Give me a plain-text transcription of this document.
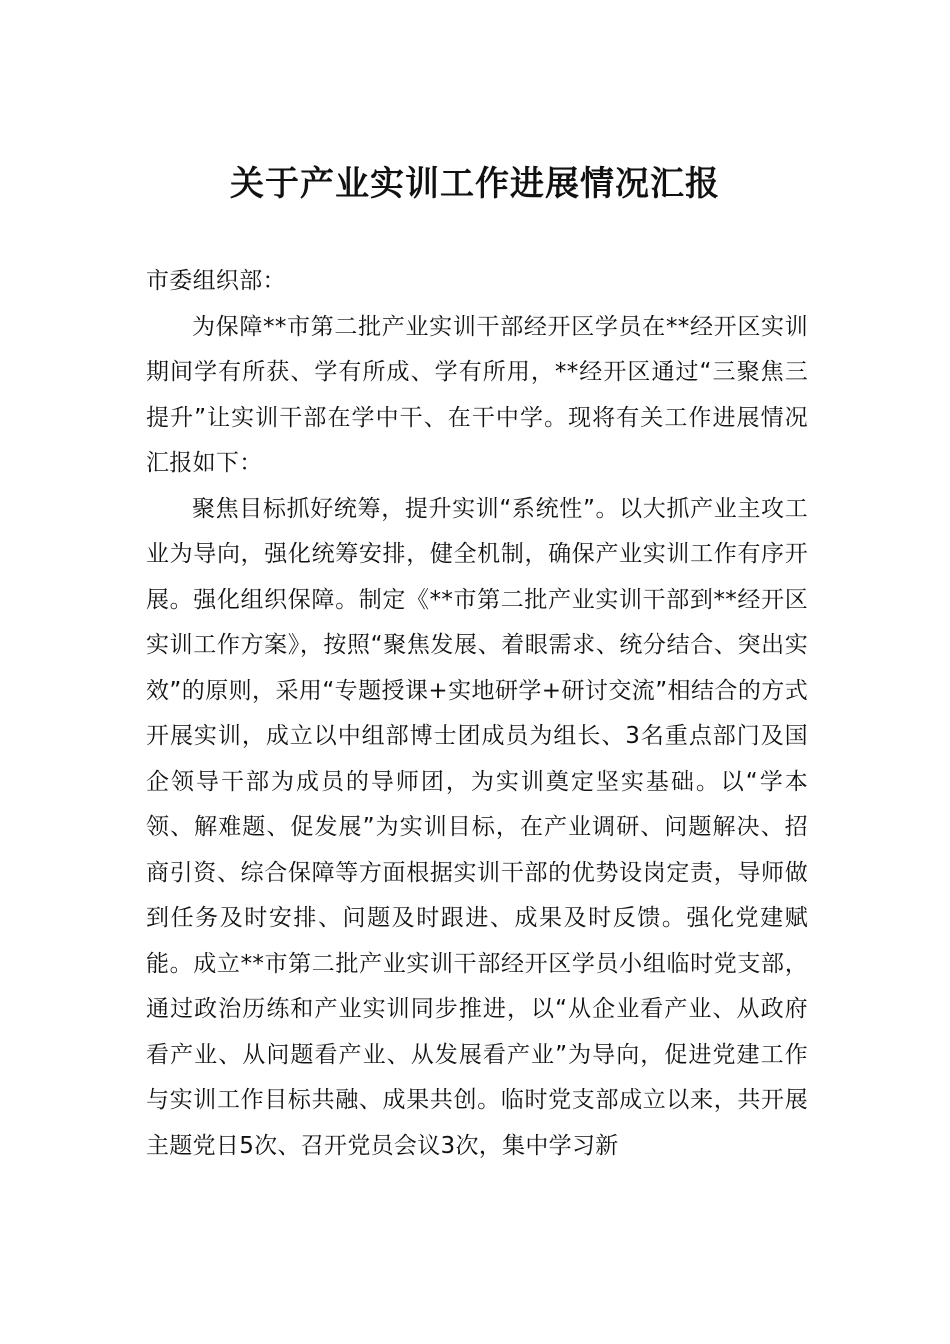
关于产业实训工作进展情况汇报

市委组织部：

为保障**市第二批产业实训干部经开区学员在**经开区实训期间学有所获、学有所成、学有所用，**经开区通过“三聚焦三提升”让实训干部在学中干、在干中学。现将有关工作进展情况汇报如下：

聚焦目标抓好统筹，提升实训“系统性”。以大抓产业主攻工业为导向，强化统筹安排，健全机制，确保产业实训工作有序开展。强化组织保障。制定《**市第二批产业实训干部到**经开区实训工作方案》，按照“聚焦发展、着眼需求、统分结合、突出实效”的原则，采用“专题授课+实地研学+研讨交流”相结合的方式开展实训，成立以中组部博士团成员为组长、3名重点部门及国企领导干部为成员的导师团，为实训奠定坚实基础。以“学本领、解难题、促发展”为实训目标，在产业调研、问题解决、招商引资、综合保障等方面根据实训干部的优势设岗定责，导师做到任务及时安排、问题及时跟进、成果及时反馈。强化党建赋能。成立**市第二批产业实训干部经开区学员小组临时党支部，通过政治历练和产业实训同步推进，以“从企业看产业、从政府看产业、从问题看产业、从发展看产业”为导向，促进党建工作与实训工作目标共融、成果共创。临时党支部成立以来，共开展主题党日5次、召开党员会议3次，集中学习新
